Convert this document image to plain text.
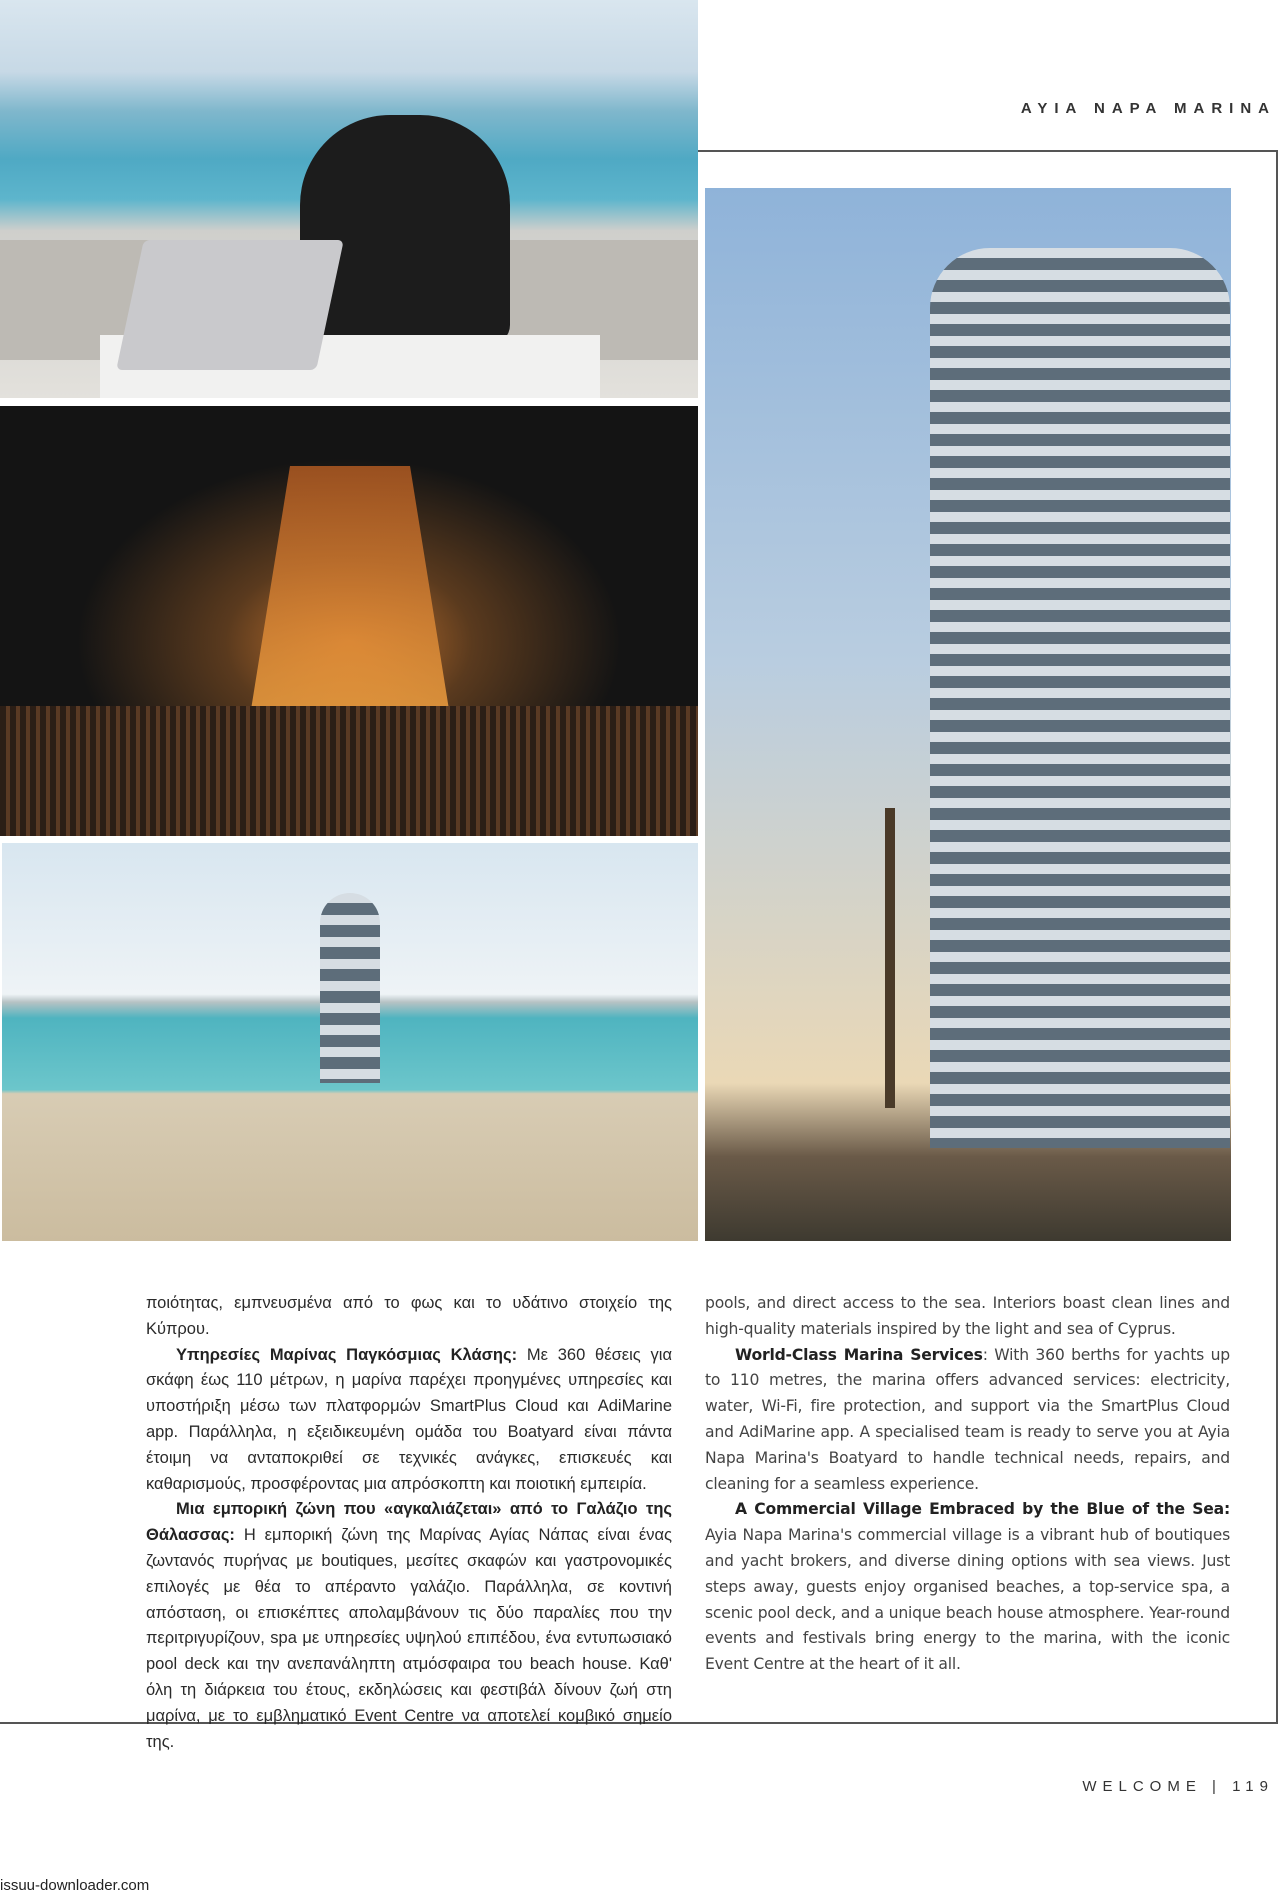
AYIA NAPA MARINA

ποιότητας, εμπνευσμένα από το φως και το υδάτινο στοιχείο της Κύπρου.

Υπηρεσίες Μαρίνας Παγκόσμιας Κλάσης: Με 360 θέσεις για σκάφη έως 110 μέτρων, η μαρίνα παρέχει προηγμένες υπηρεσίες και υποστήριξη μέσω των πλατφορμών SmartPlus Cloud και AdiMarine app. Παράλληλα, η εξειδικευμένη ομάδα του Boatyard είναι πάντα έτοιμη να ανταποκριθεί σε τεχνικές ανάγκες, επισκευές και καθαρισμούς, προσφέροντας μια απρόσκοπτη και ποιοτική εμπειρία.

Μια εμπορική ζώνη που «αγκαλιάζεται» από το Γαλάζιο της Θάλασσας: Η εμπορική ζώνη της Μαρίνας Αγίας Νάπας είναι ένας ζωντανός πυρήνας με boutiques, μεσίτες σκαφών και γαστρονομικές επιλογές με θέα το απέραντο γαλάζιο. Παράλληλα, σε κοντινή απόσταση, οι επισκέπτες απολαμβάνουν τις δύο παραλίες που την περιτριγυρίζουν, spa με υπηρεσίες υψηλού επιπέδου, ένα εντυπωσιακό pool deck και την ανεπανάληπτη ατμόσφαιρα του beach house. Καθ' όλη τη διάρκεια του έτους, εκδηλώσεις και φεστιβάλ δίνουν ζωή στη μαρίνα, με το εμβληματικό Event Centre να αποτελεί κομβικό σημείο της.

pools, and direct access to the sea. Interiors boast clean lines and high-quality materials inspired by the light and sea of Cyprus.

World-Class Marina Services: With 360 berths for yachts up to 110 metres, the marina offers advanced services: electricity, water, Wi-Fi, fire protection, and support via the SmartPlus Cloud and AdiMarine app. A specialised team is ready to serve you at Ayia Napa Marina's Boatyard to handle technical needs, repairs, and cleaning for a seamless experience.

A Commercial Village Embraced by the Blue of the Sea: Ayia Napa Marina's commercial village is a vibrant hub of boutiques and yacht brokers, and diverse dining options with sea views. Just steps away, guests enjoy organised beaches, a top-service spa, a scenic pool deck, and a unique beach house atmosphere. Year-round events and festivals bring energy to the marina, with the iconic Event Centre at the heart of it all.

WELCOME | 119
issuu-downloader.com
